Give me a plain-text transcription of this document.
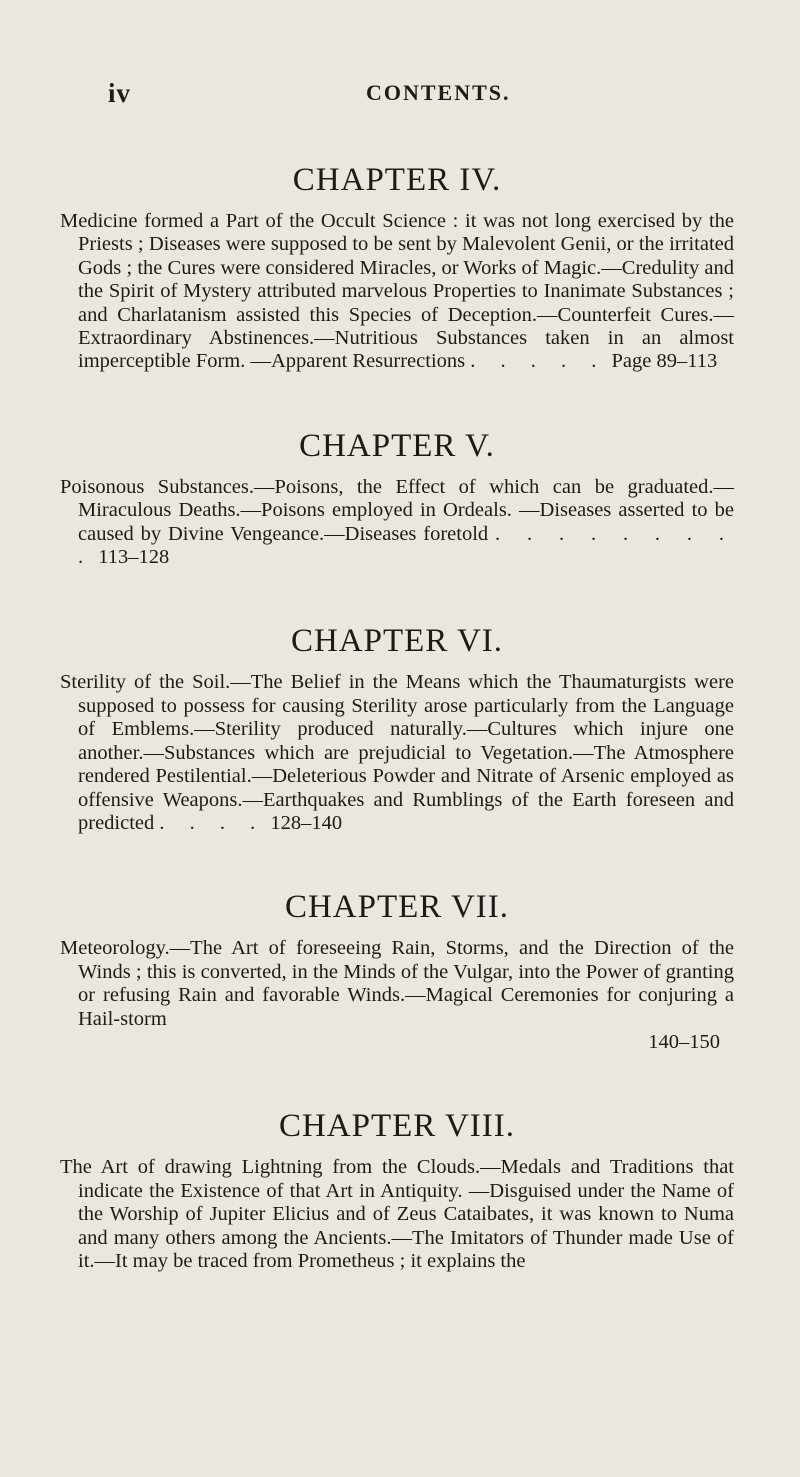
iv	CONTENTS.
CHAPTER IV.

Medicine formed a Part of the Occult Science : it was not long exercised by the Priests ; Diseases were supposed to be sent by Malevolent Genii, or the irritated Gods ; the Cures were considered Miracles, or Works of Magic.—Credulity and the Spirit of Mystery attributed marvelous Properties to Inanimate Substances ; and Charlatanism assisted this Species of Deception.—Counterfeit Cures.—Extraordinary Abstinences.—Nutritious Substances taken in an almost imperceptible Form. —Apparent Resurrections . . . . . Page 89–113

CHAPTER V.

Poisonous Substances.—Poisons, the Effect of which can be graduated.—Miraculous Deaths.—Poisons employed in Ordeals. —Diseases asserted to be caused by Divine Vengeance.—Diseases foretold . . . . . . . . . 113–128

CHAPTER VI.

Sterility of the Soil.—The Belief in the Means which the Thaumaturgists were supposed to possess for causing Sterility arose particularly from the Language of Emblems.—Sterility produced naturally.—Cultures which injure one another.—Substances which are prejudicial to Vegetation.—The Atmosphere rendered Pestilential.—Deleterious Powder and Nitrate of Arsenic employed as offensive Weapons.—Earthquakes and Rumblings of the Earth foreseen and predicted . . . . 128–140

CHAPTER VII.

Meteorology.—The Art of foreseeing Rain, Storms, and the Direction of the Winds ; this is converted, in the Minds of the Vulgar, into the Power of granting or refusing Rain and favorable Winds.—Magical Ceremonies for conjuring a Hail-storm
140–150

CHAPTER VIII.

The Art of drawing Lightning from the Clouds.—Medals and Traditions that indicate the Existence of that Art in Antiquity. —Disguised under the Name of the Worship of Jupiter Elicius and of Zeus Cataibates, it was known to Numa and many others among the Ancients.—The Imitators of Thunder made Use of it.—It may be traced from Prometheus ; it explains the
